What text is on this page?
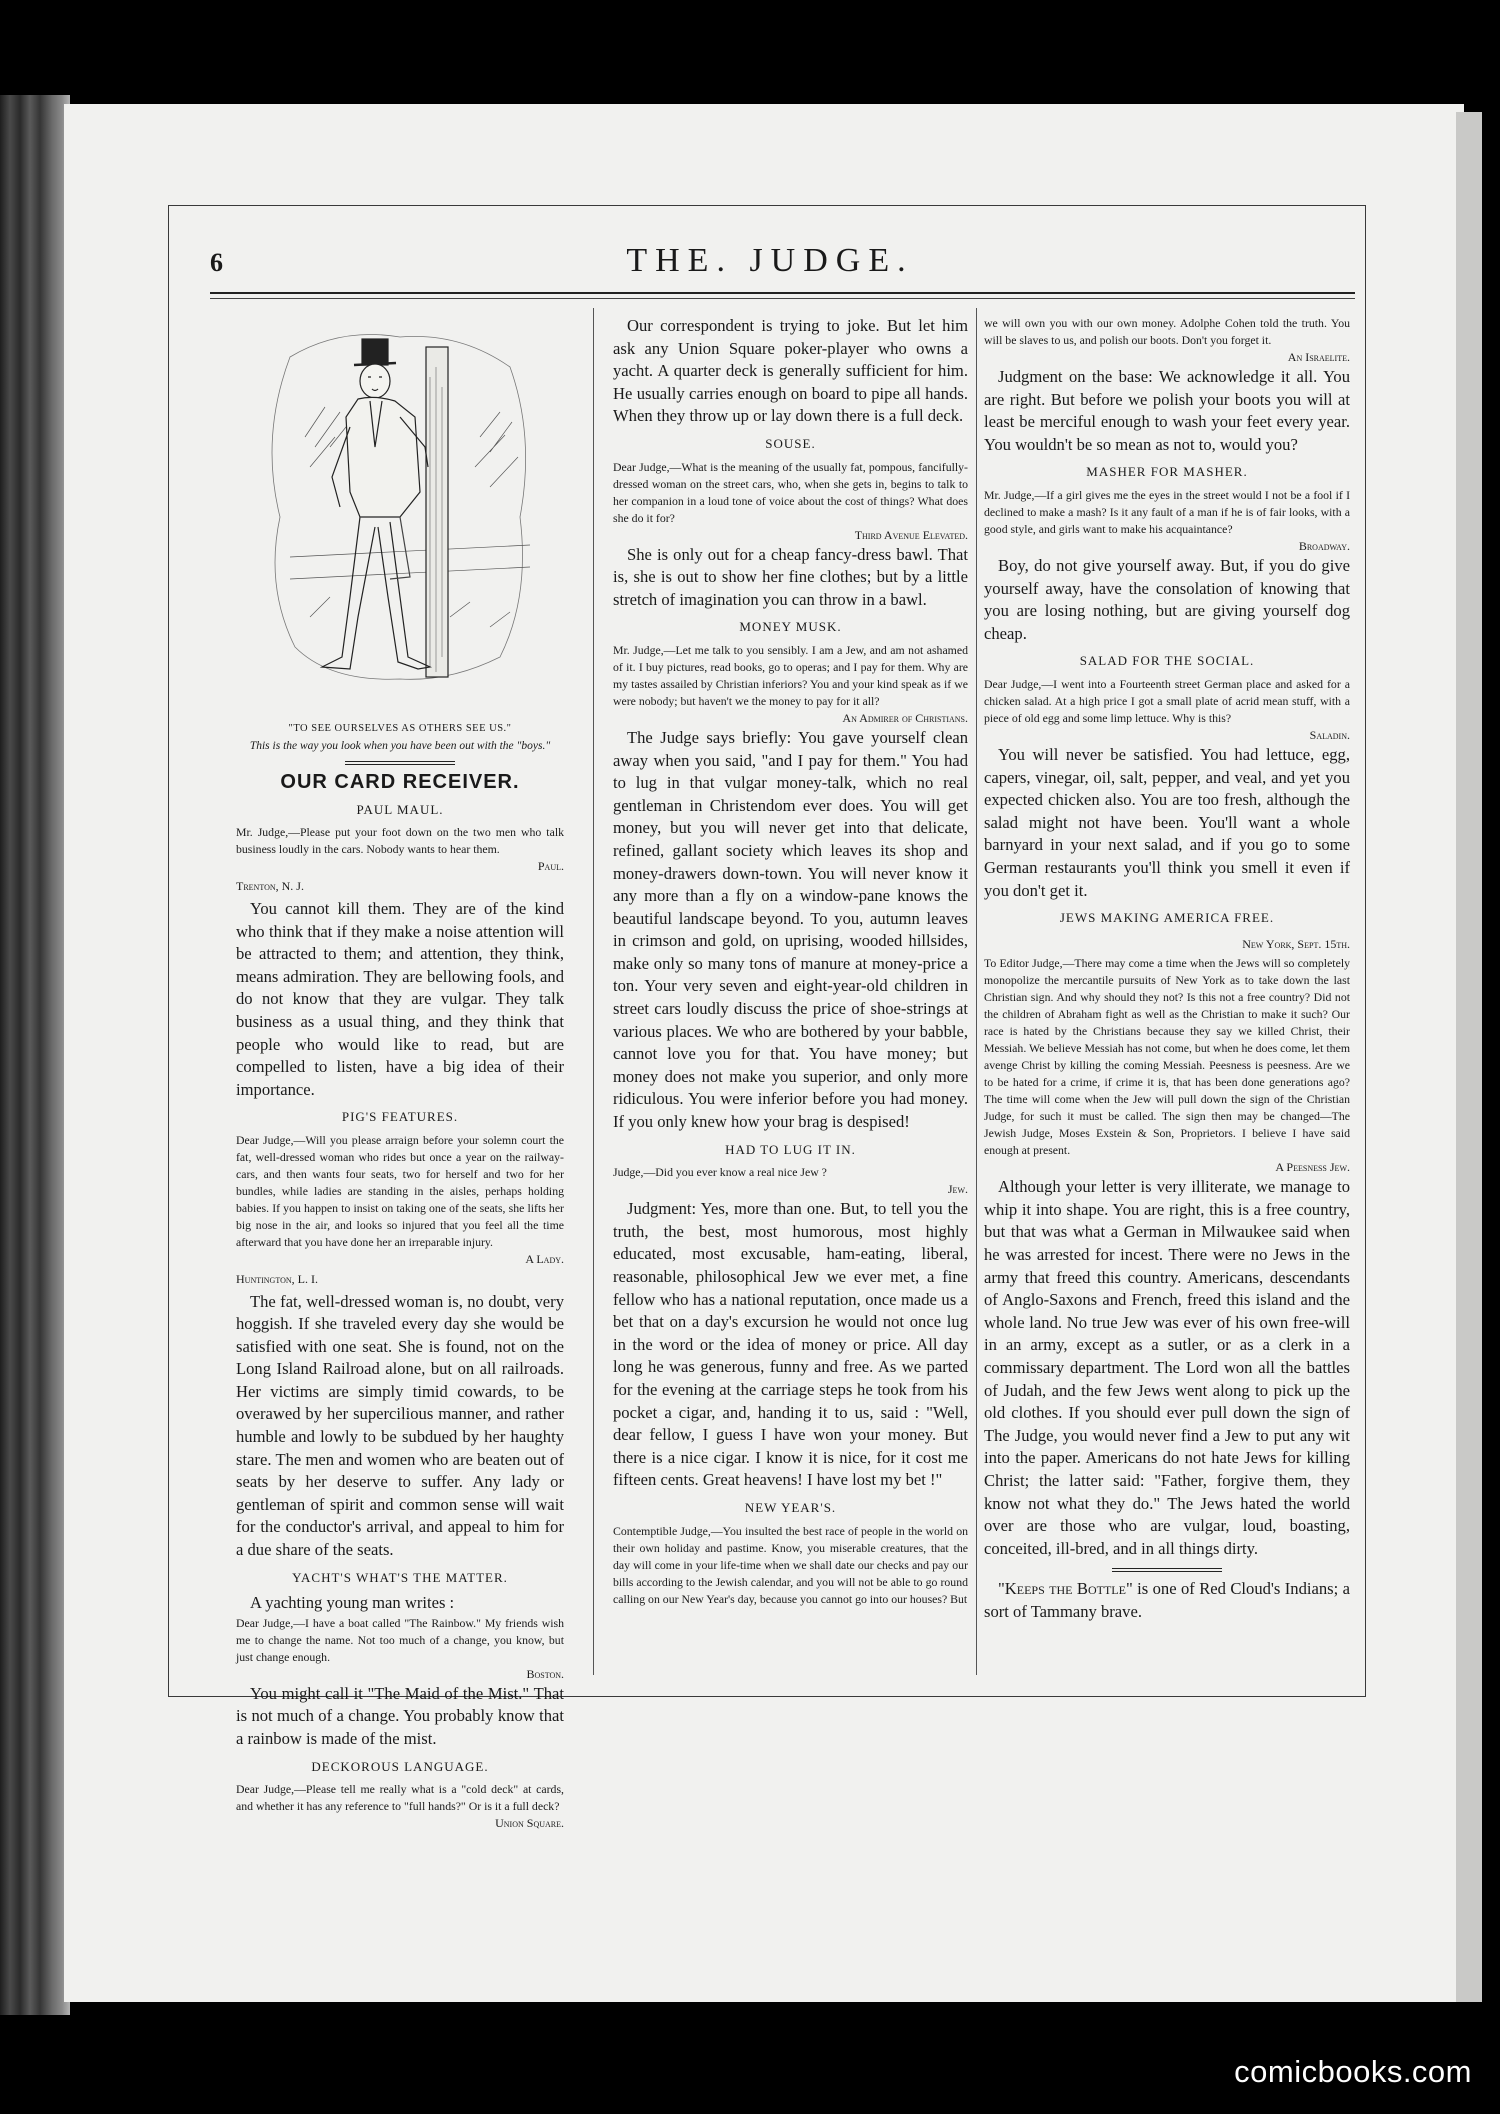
6	THE. JUDGE.
"TO SEE OURSELVES AS OTHERS SEE US."
This is the way you look when you have been out with the "boys."
OUR CARD RECEIVER.
PAUL MAUL.

Mr. Judge,—Please put your foot down on the two men who talk business loudly in the cars. Nobody wants to hear them.

Paul.

Trenton, N. J.

You cannot kill them. They are of the kind who think that if they make a noise attention will be attracted to them; and attention, they think, means admiration. They are bellowing fools, and do not know that they are vulgar. They talk business as a usual thing, and they think that people who would like to read, but are compelled to listen, have a big idea of their importance.

PIG'S FEATURES.

Dear Judge,—Will you please arraign before your solemn court the fat, well-dressed woman who rides but once a year on the railway-cars, and then wants four seats, two for herself and two for her bundles, while ladies are standing in the aisles, perhaps holding babies. If you happen to insist on taking one of the seats, she lifts her big nose in the air, and looks so injured that you feel all the time afterward that you have done her an irreparable injury.

A Lady.

Huntington, L. I.

The fat, well-dressed woman is, no doubt, very hoggish. If she traveled every day she would be satisfied with one seat. She is found, not on the Long Island Railroad alone, but on all railroads. Her victims are simply timid cowards, to be overawed by her supercilious manner, and rather humble and lowly to be subdued by her haughty stare. The men and women who are beaten out of seats by her deserve to suffer. Any lady or gentleman of spirit and common sense will wait for the conductor's arrival, and appeal to him for a due share of the seats.

YACHT'S WHAT'S THE MATTER.

A yachting young man writes :

Dear Judge,—I have a boat called "The Rainbow." My friends wish me to change the name. Not too much of a change, you know, but just change enough.

Boston.

You might call it "The Maid of the Mist." That is not much of a change. You probably know that a rainbow is made of the mist.

DECKOROUS LANGUAGE.

Dear Judge,—Please tell me really what is a "cold deck" at cards, and whether it has any reference to "full hands?" Or is it a full deck?

Union Square.

Our correspondent is trying to joke. But let him ask any Union Square poker-player who owns a yacht. A quarter deck is generally sufficient for him. He usually carries enough on board to pipe all hands. When they throw up or lay down there is a full deck.

SOUSE.

Dear Judge,—What is the meaning of the usually fat, pompous, fancifully-dressed woman on the street cars, who, when she gets in, begins to talk to her companion in a loud tone of voice about the cost of things? What does she do it for?

Third Avenue Elevated.

She is only out for a cheap fancy-dress bawl. That is, she is out to show her fine clothes; but by a little stretch of imagination you can throw in a bawl.

MONEY MUSK.

Mr. Judge,—Let me talk to you sensibly. I am a Jew, and am not ashamed of it. I buy pictures, read books, go to operas; and I pay for them. Why are my tastes assailed by Christian inferiors? You and your kind speak as if we were nobody; but haven't we the money to pay for it all?

An Admirer of Christians.

The Judge says briefly: You gave yourself clean away when you said, "and I pay for them." You had to lug in that vulgar money-talk, which no real gentleman in Christendom ever does. You will get money, but you will never get into that delicate, refined, gallant society which leaves its shop and money-drawers down-town. You will never know it any more than a fly on a window-pane knows the beautiful landscape beyond. To you, autumn leaves in crimson and gold, on uprising, wooded hillsides, make only so many tons of manure at money-price a ton. Your very seven and eight-year-old children in street cars loudly discuss the price of shoe-strings at various places. We who are bothered by your babble, cannot love you for that. You have money; but money does not make you superior, and only more ridiculous. You were inferior before you had money. If you only knew how your brag is despised!

HAD TO LUG IT IN.

Judge,—Did you ever know a real nice Jew ?

Jew.

Judgment: Yes, more than one. But, to tell you the truth, the best, most humorous, most highly educated, most excusable, ham-eating, liberal, reasonable, philosophical Jew we ever met, a fine fellow who has a national reputation, once made us a bet that on a day's excursion he would not once lug in the word or the idea of money or price. All day long he was generous, funny and free. As we parted for the evening at the carriage steps he took from his pocket a cigar, and, handing it to us, said : "Well, dear fellow, I guess I have won your money. But there is a nice cigar. I know it is nice, for it cost me fifteen cents. Great heavens! I have lost my bet !"

NEW YEAR'S.

Contemptible Judge,—You insulted the best race of people in the world on their own holiday and pastime. Know, you miserable creatures, that the day will come in your life-time when we shall date our checks and pay our bills according to the Jewish calendar, and you will not be able to go round calling on our New Year's day, because you cannot go into our houses? But

we will own you with our own money. Adolphe Cohen told the truth. You will be slaves to us, and polish our boots. Don't you forget it.

An Israelite.

Judgment on the base: We acknowledge it all. You are right. But before we polish your boots you will at least be merciful enough to wash your feet every year. You wouldn't be so mean as not to, would you?

MASHER FOR MASHER.

Mr. Judge,—If a girl gives me the eyes in the street would I not be a fool if I declined to make a mash? Is it any fault of a man if he is of fair looks, with a good style, and girls want to make his acquaintance?

Broadway.

Boy, do not give yourself away. But, if you do give yourself away, have the consolation of knowing that you are losing nothing, but are giving yourself dog cheap.

SALAD FOR THE SOCIAL.

Dear Judge,—I went into a Fourteenth street German place and asked for a chicken salad. At a high price I got a small plate of acrid mean stuff, with a piece of old egg and some limp lettuce. Why is this?

Saladin.

You will never be satisfied. You had lettuce, egg, capers, vinegar, oil, salt, pepper, and veal, and yet you expected chicken also. You are too fresh, although the salad might not have been. You'll want a whole barnyard in your next salad, and if you go to some German restaurants you'll think you smell it even if you don't get it.

JEWS MAKING AMERICA FREE.

New York, Sept. 15th.

To Editor Judge,—There may come a time when the Jews will so completely monopolize the mercantile pursuits of New York as to take down the last Christian sign. And why should they not? Is this not a free country? Did not the children of Abraham fight as well as the Christian to make it such? Our race is hated by the Christians because they say we killed Christ, their Messiah. We believe Messiah has not come, but when he does come, let them avenge Christ by killing the coming Messiah. Peesness is peesness. Are we to be hated for a crime, if crime it is, that has been done generations ago? The time will come when the Jew will pull down the sign of the Christian Judge, for such it must be called. The sign then may be changed—The Jewish Judge, Moses Exstein & Son, Proprietors. I believe I have said enough at present.

A Peesness Jew.

Although your letter is very illiterate, we manage to whip it into shape. You are right, this is a free country, but that was what a German in Milwaukee said when he was arrested for incest. There were no Jews in the army that freed this country. Americans, descendants of Anglo-Saxons and French, freed this island and the whole land. No true Jew was ever of his own free-will in an army, except as a sutler, or as a clerk in a commissary department. The Lord won all the battles of Judah, and the few Jews went along to pick up the old clothes. If you should ever pull down the sign of The Judge, you would never find a Jew to put any wit into the paper. Americans do not hate Jews for killing Christ; the latter said: "Father, forgive them, they know not what they do." The Jews hated the world over are those who are vulgar, loud, boasting, conceited, ill-bred, and in all things dirty.

"Keeps the Bottle" is one of Red Cloud's Indians; a sort of Tammany brave.

comicbooks.com
